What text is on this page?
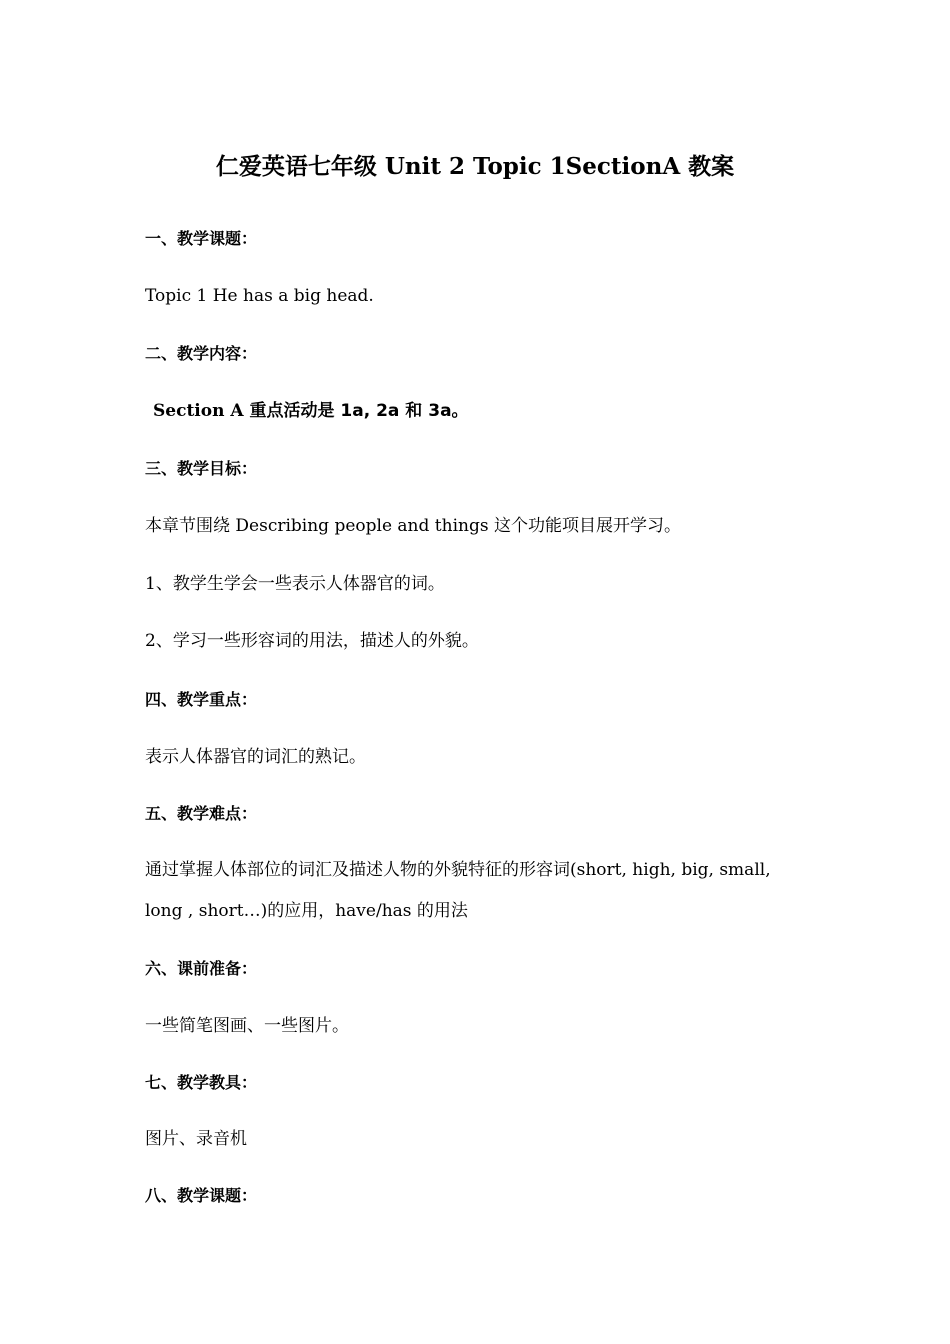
仁爱英语七年级 Unit 2 Topic 1SectionA 教案
一、教学课题：
Topic 1 He has a big head.
二、教学内容：
Section A 重点活动是 1a, 2a 和 3a。
三、教学目标：
本章节围绕 Describing people and things 这个功能项目展开学习。
1、教学生学会一些表示人体器官的词。
2、学习一些形容词的用法，描述人的外貌。
四、教学重点：
表示人体器官的词汇的熟记。
五、教学难点：
通过掌握人体部位的词汇及描述人物的外貌特征的形容词(short, high, big, small,
long , short…)的应用，have/has 的用法
六、课前准备：
一些简笔图画、一些图片。
七、教学教具：
图片、录音机
八、教学课题：
